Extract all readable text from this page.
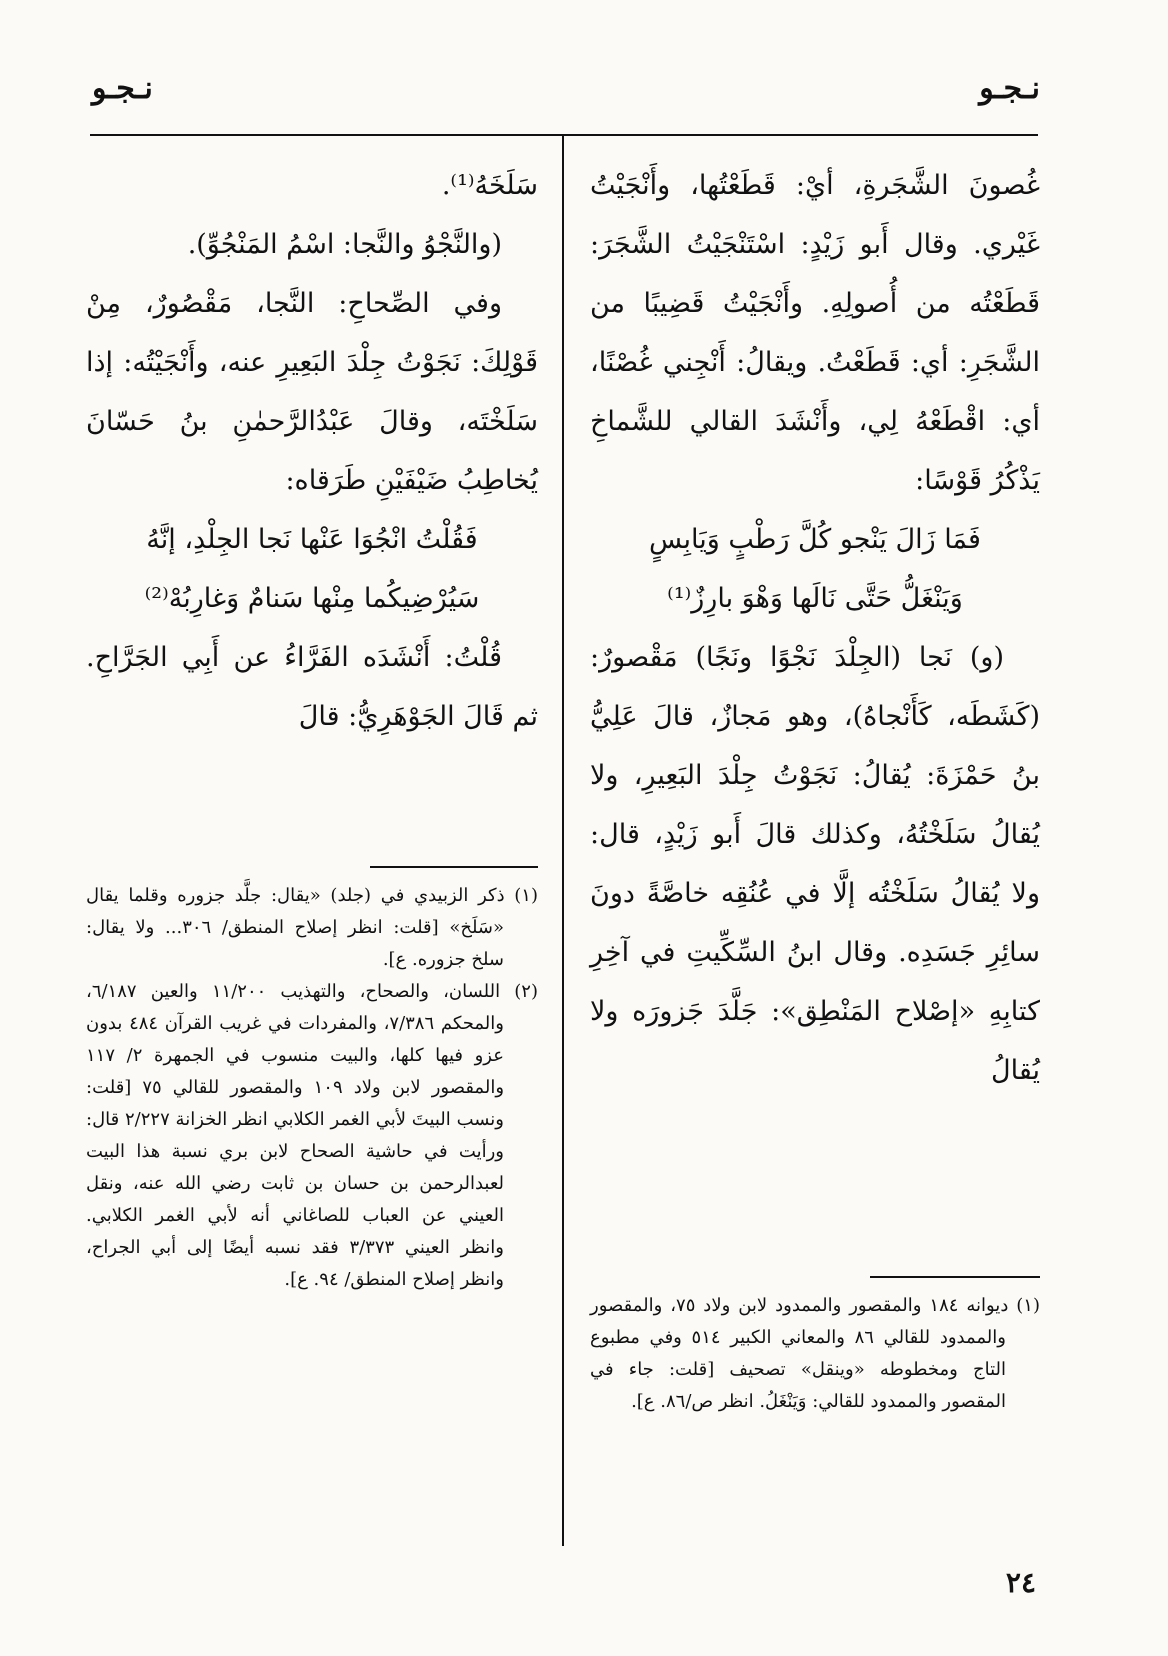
نـجـو
نـجـو

غُصونَ الشَّجَرةِ، أيْ: قَطَعْتُها، وأَنْجَيْتُ غَيْري. وقال أَبو زَيْدٍ: اسْتَنْجَيْتُ الشَّجَرَ: قَطَعْتُه من أُصولِهِ. وأَنْجَيْتُ قَضِيبًا من الشَّجَرِ: أي: قَطَعْتُ. ويقالُ: أَنْجِني غُصْنًا، أي: اقْطَعْهُ لِي، وأَنْشَدَ القالي للشَّماخِ يَذْكُرُ قَوْسًا:

فَمَا زَالَ يَنْجو كُلَّ رَطْبٍ وَيَابِسٍ

وَيَنْغَلُّ حَتَّى نَالَها وَهْوَ بارِزٌ⁽¹⁾

(و) نَجا (الجِلْدَ نَجْوًا ونَجًا) مَقْصورٌ: (كَشَطَه، كَأَنْجاهُ)، وهو مَجازٌ، قالَ عَلِيُّ بنُ حَمْزَةَ: يُقالُ: نَجَوْتُ جِلْدَ البَعِيرِ، ولا يُقالُ سَلَخْتُهُ، وكذلك قالَ أَبو زَيْدٍ، قال: ولا يُقالُ سَلَخْتُه إلَّا في عُنُقِه خاصَّةً دونَ سائِرِ جَسَدِه. وقال ابنُ السِّكِّيتِ في آخِرِ كتابِهِ «إصْلاح المَنْطِق»: جَلَّدَ جَزورَه ولا يُقالُ

سَلَخَهُ⁽¹⁾.

(والنَّجْوُ والنَّجا: اسْمُ المَنْجُوِّ).

وفي الصِّحاحِ: النَّجا، مَقْصُورٌ، مِنْ قَوْلِكَ: نَجَوْتُ جِلْدَ البَعِيرِ عنه، وأَنْجَيْتُه: إذا سَلَخْتَه، وقالَ عَبْدُالرَّحمٰنِ بنُ حَسّانَ يُخاطِبُ ضَيْفَيْنِ طَرَقاه:

فَقُلْتُ انْجُوَا عَنْها نَجا الجِلْدِ، إنَّهُ

سَيُرْضِيكُما مِنْها سَنامٌ وَغارِبُهْ⁽²⁾

قُلْتُ: أَنْشَدَه الفَرَّاءُ عن أَبِي الجَرَّاحِ. ثم قَالَ الجَوْهَرِيُّ: قالَ

(١) ديوانه ١٨٤ والمقصور والممدود لابن ولاد ٧٥، والمقصور والممدود للقالي ٨٦ والمعاني الكبير ٥١٤ وفي مطبوع التاج ومخطوطه «وينقل» تصحيف [قلت: جاء في المقصور والممدود للقالي: وَيَنْغَلُ. انظر ص/٨٦. ع].

(١) ذكر الزبيدي في (جلد) «يقال: جلَّد جزوره وقلما يقال «سَلَخ» [قلت: انظر إصلاح المنطق/ ٣٠٦... ولا يقال: سلخ جزوره. ع].

(٢) اللسان، والصحاح، والتهذيب ١١/٢٠٠ والعين ٦/١٨٧، والمحكم ٧/٣٨٦، والمفردات في غريب القرآن ٤٨٤ بدون عزو فيها كلها، والبيت منسوب في الجمهرة ٢/ ١١٧ والمقصور لابن ولاد ١٠٩ والمقصور للقالي ٧٥ [قلت: ونسب البيتَ لأبي الغمر الكلابي انظر الخزانة ٢/٢٢٧ قال: ورأيت في حاشية الصحاح لابن بري نسبة هذا البيت لعبدالرحمن بن حسان بن ثابت رضي الله عنه، ونقل العيني عن العباب للصاغاني أنه لأبي الغمر الكلابي. وانظر العيني ٣/٣٧٣ فقد نسبه أيضًا إلى أبي الجراح، وانظر إصلاح المنطق/ ٩٤. ع].

٢٤
